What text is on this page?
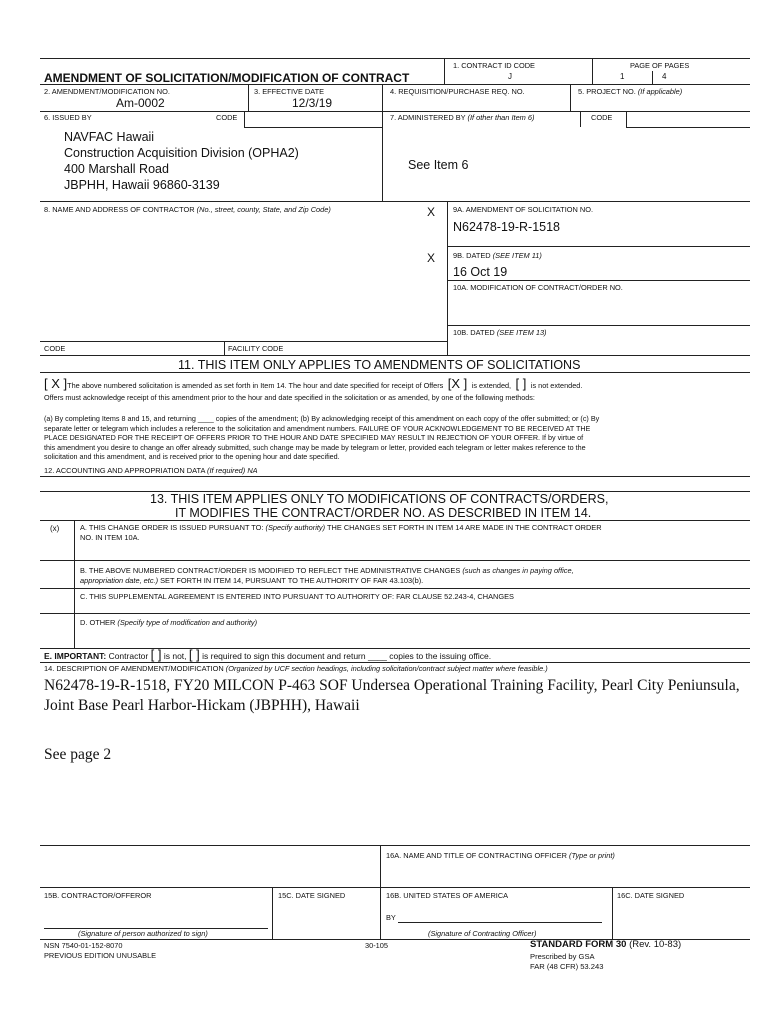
AMENDMENT OF SOLICITATION/MODIFICATION OF CONTRACT
1. CONTRACT ID CODE
J
PAGE OF PAGES
1	4
2. AMENDMENT/MODIFICATION NO.
Am-0002
3. EFFECTIVE DATE
12/3/19
4. REQUISITION/PURCHASE REQ. NO.	5. PROJECT NO. (If applicable)
6. ISSUED BY	CODE	7. ADMINISTERED BY (If other than Item 6)	CODE
NAVFAC Hawaii
Construction Acquisition Division (OPHA2)
400 Marshall Road
JBPHH, Hawaii 96860-3139
See Item 6
8. NAME AND ADDRESS OF CONTRACTOR (No., street, county, State, and Zip Code)	X 9A. AMENDMENT OF SOLICITATION NO.
N62478-19-R-1518
X 9B. DATED (SEE ITEM 11)
16 Oct 19
10A. MODIFICATION OF CONTRACT/ORDER NO.
10B. DATED (SEE ITEM 13)
CODE	FACILITY CODE
11. THIS ITEM ONLY APPLIES TO AMENDMENTS OF SOLICITATIONS
[ X ]The above numbered solicitation is amended as set forth in Item 14. The hour and date specified for receipt of Offers [X ] is extended, [ ] is not extended.
Offers must acknowledge receipt of this amendment prior to the hour and date specified in the solicitation or as amended, by one of the following methods:
(a) By completing Items 8 and 15, and returning ____ copies of the amendment; (b) By acknowledging receipt of this amendment on each copy of the offer submitted; or (c) By
separate letter or telegram which includes a reference to the solicitation and amendment numbers. FAILURE OF YOUR ACKNOWLEDGEMENT TO BE RECEIVED AT THE
PLACE DESIGNATED FOR THE RECEIPT OF OFFERS PRIOR TO THE HOUR AND DATE SPECIFIED MAY RESULT IN REJECTION OF YOUR OFFER. If by virtue of
this amendment you desire to change an offer already submitted, such change may be made by telegram or letter, provided each telegram or letter makes reference to the
solicitation and this amendment, and is received prior to the opening hour and date specified.
12. ACCOUNTING AND APPROPRIATION DATA (If required) NA
13. THIS ITEM APPLIES ONLY TO MODIFICATIONS OF CONTRACTS/ORDERS,
IT MODIFIES THE CONTRACT/ORDER NO. AS DESCRIBED IN ITEM 14.
(x)	A. THIS CHANGE ORDER IS ISSUED PURSUANT TO: (Specify authority) THE CHANGES SET FORTH IN ITEM 14 ARE MADE IN THE CONTRACT ORDER
NO. IN ITEM 10A.
B. THE ABOVE NUMBERED CONTRACT/ORDER IS MODIFIED TO REFLECT THE ADMINISTRATIVE CHANGES (such as changes in paying office,
appropriation date, etc.) SET FORTH IN ITEM 14, PURSUANT TO THE AUTHORITY OF FAR 43.103(b).
C. THIS SUPPLEMENTAL AGREEMENT IS ENTERED INTO PURSUANT TO AUTHORITY OF: FAR CLAUSE 52.243-4, CHANGES
D. OTHER (Specify type of modification and authority)
E. IMPORTANT: Contractor [ ] is not, [ ] is required to sign this document and return ____ copies to the issuing office.
14. DESCRIPTION OF AMENDMENT/MODIFICATION (Organized by UCF section headings, including solicitation/contract subject matter where feasible.)
N62478-19-R-1518, FY20 MILCON P-463 SOF Undersea Operational Training Facility, Pearl City Peniunsula,
Joint Base Pearl Harbor-Hickam (JBPHH), Hawaii
See page 2
16A. NAME AND TITLE OF CONTRACTING OFFICER (Type or print)
15B. CONTRACTOR/OFFEROR	15C. DATE SIGNED	16B. UNITED STATES OF AMERICA	16C. DATE SIGNED
BY
(Signature of person authorized to sign)	(Signature of Contracting Officer)
NSN 7540-01-152-8070
PREVIOUS EDITION UNUSABLE
30-105	STANDARD FORM 30 (Rev. 10-83)
Prescribed by GSA
FAR (48 CFR) 53.243
